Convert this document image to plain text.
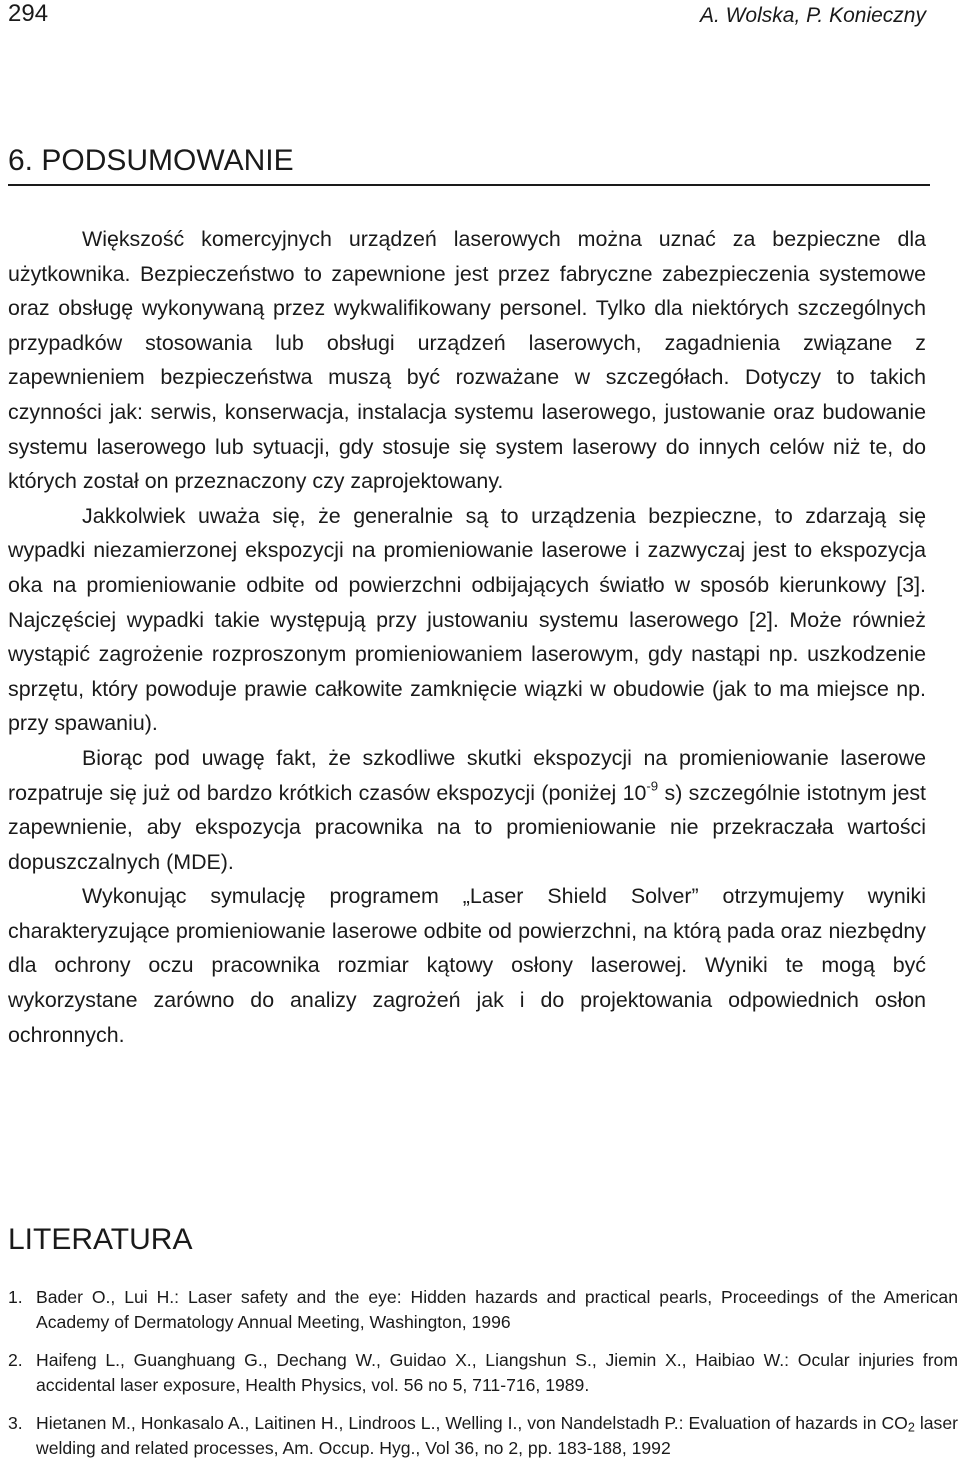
294	A. Wolska, P. Konieczny
6. PODSUMOWANIE

Większość komercyjnych urządzeń laserowych można uznać za bezpieczne dla użytkownika. Bezpieczeństwo to zapewnione jest przez fabryczne zabezpieczenia systemowe oraz obsługę wykonywaną przez wykwalifikowany personel. Tylko dla niektórych szczególnych przypadków stosowania lub obsługi urządzeń laserowych, zagadnienia związane z zapewnieniem bezpieczeństwa muszą być rozważane w szczegółach. Dotyczy to takich czynności jak: serwis, konserwacja, instalacja systemu laserowego, justowanie oraz budowanie systemu laserowego lub sytuacji, gdy stosuje się system laserowy do innych celów niż te, do których został on przeznaczony czy zaprojektowany.

Jakkolwiek uważa się, że generalnie są to urządzenia bezpieczne, to zdarzają się wypadki niezamierzonej ekspozycji na promieniowanie laserowe i zazwyczaj jest to ekspozycja oka na promieniowanie odbite od powierzchni odbijających światło w sposób kierunkowy [3]. Najczęściej wypadki takie występują przy justowaniu systemu laserowego [2]. Może również wystąpić zagrożenie rozproszonym promieniowaniem laserowym, gdy nastąpi np. uszkodzenie sprzętu, który powoduje prawie całkowite zamknięcie wiązki w obudowie (jak to ma miejsce np. przy spawaniu).

Biorąc pod uwagę fakt, że szkodliwe skutki ekspozycji na promieniowanie laserowe rozpatruje się już od bardzo krótkich czasów ekspozycji (poniżej $10^{-9}$ s) szczególnie istotnym jest zapewnienie, aby ekspozycja pracownika na to promieniowanie nie przekraczała wartości dopuszczalnych (MDE).

Wykonując symulację programem „Laser Shield Solver” otrzymujemy wyniki charakteryzujące promieniowanie laserowe odbite od powierzchni, na którą pada oraz niezbędny dla ochrony oczu pracownika rozmiar kątowy osłony laserowej. Wyniki te mogą być wykorzystane zarówno do analizy zagrożeń jak i do projektowania odpowiednich osłon ochronnych.

LITERATURA
1. Bader O., Lui H.: Laser safety and the eye: Hidden hazards and practical pearls, Proceedings of the American Academy of Dermatology Annual Meeting, Washington, 1996
2. Haifeng L., Guanghuang G., Dechang W., Guidao X., Liangshun S., Jiemin X., Haibiao W.: Ocular injuries from accidental laser exposure, Health Physics, vol. 56 no 5, 711-716, 1989.
3. Hietanen M., Honkasalo A., Laitinen H., Lindroos L., Welling I., von Nandelstadh P.: Evaluation of hazards in $CO_2$ laser welding and related processes, Am. Occup. Hyg., Vol 36, no 2, pp. 183-188, 1992
